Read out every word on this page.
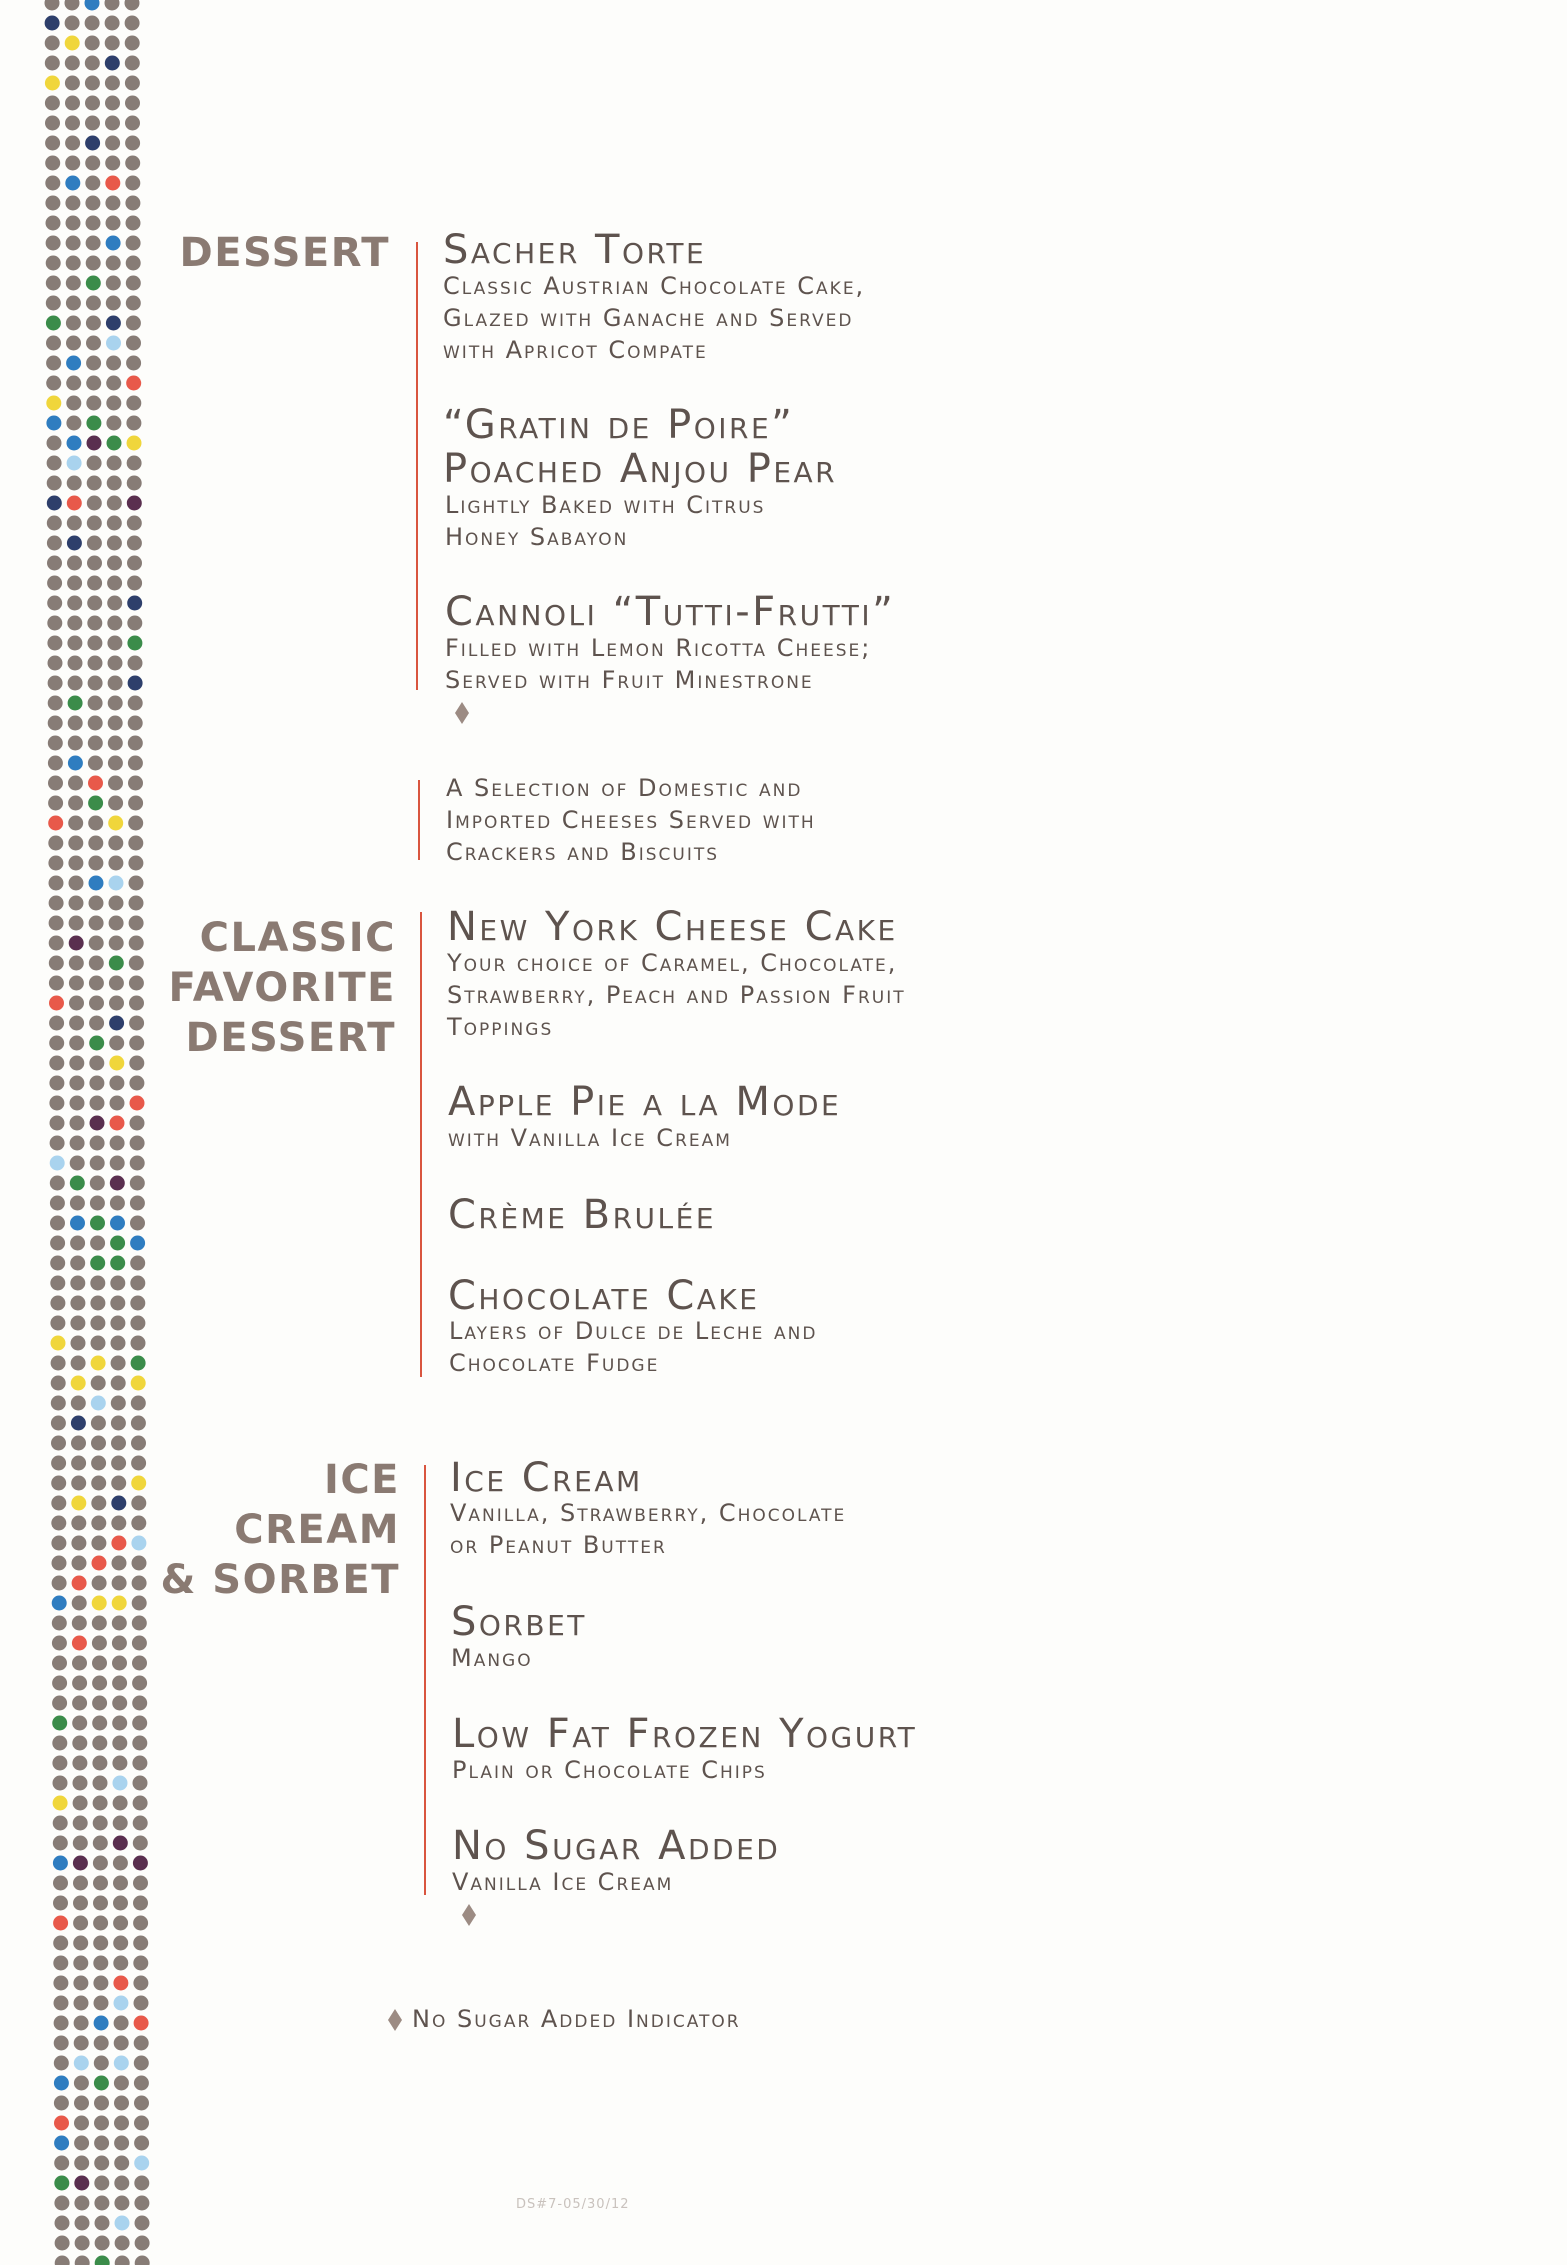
DESSERT
CLASSIC
FAVORITE
DESSERT
ICE
CREAM
& SORBET
Sacher Torte
Classic Austrian Chocolate Cake,
Glazed with Ganache and Served
with Apricot Compate
“Gratin de Poire”
Poached Anjou Pear
Lightly Baked with Citrus
Honey Sabayon
Cannoli “Tutti-Frutti”
Filled with Lemon Ricotta Cheese;
Served with Fruit Minestrone
A Selection of Domestic and
Imported Cheeses Served with
Crackers and Biscuits
New York Cheese Cake
Your choice of Caramel, Chocolate,
Strawberry, Peach and Passion Fruit
Toppings
Apple Pie a la Mode
with Vanilla Ice Cream
Crème Brulée
Chocolate Cake
Layers of Dulce de Leche and
Chocolate Fudge
Ice Cream
Vanilla, Strawberry, Chocolate
or Peanut Butter
Sorbet
Mango
Low Fat Frozen Yogurt
Plain or Chocolate Chips
No Sugar Added
Vanilla Ice Cream
No Sugar Added Indicator
DS#7-05/30/12
